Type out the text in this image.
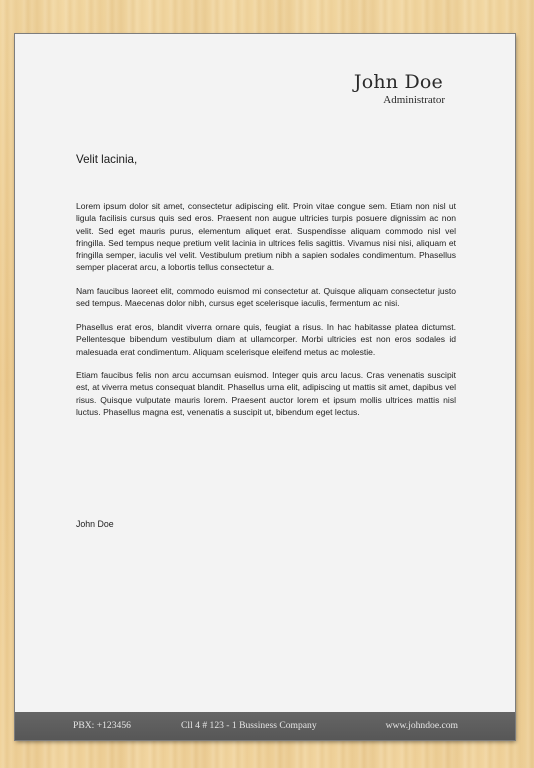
John Doe
Administrator
Velit lacinia,

Lorem ipsum dolor sit amet, consectetur adipiscing elit. Proin vitae congue sem. Etiam non nisl ut ligula facilisis cursus quis sed eros. Praesent non augue ultricies turpis posuere dignissim ac non velit. Sed eget mauris purus, elementum aliquet erat. Suspendisse aliquam commodo nisl vel fringilla. Sed tempus neque pretium velit lacinia in ultrices felis sagittis. Vivamus nisi nisi, aliquam et fringilla semper, iaculis vel velit. Vestibulum pretium nibh a sapien sodales condimentum. Phasellus semper placerat arcu, a lobortis tellus consectetur a.

Nam faucibus laoreet elit, commodo euismod mi consectetur at. Quisque aliquam consectetur justo sed tempus. Maecenas dolor nibh, cursus eget scelerisque iaculis, fermentum ac nisi.

Phasellus erat eros, blandit viverra ornare quis, feugiat a risus. In hac habitasse platea dictumst. Pellentesque bibendum vestibulum diam at ullamcorper. Morbi ultricies est non eros sodales id malesuada erat condimentum. Aliquam scelerisque eleifend metus ac molestie.

Etiam faucibus felis non arcu accumsan euismod. Integer quis arcu lacus. Cras venenatis suscipit est, at viverra metus consequat blandit. Phasellus urna elit, adipiscing ut mattis sit amet, dapibus vel risus. Quisque vulputate mauris lorem. Praesent auctor lorem et ipsum mollis ultrices mattis nisl luctus. Phasellus magna est, venenatis a suscipit ut, bibendum eget lectus.

John Doe
PBX: +123456	Cll 4 # 123 - 1 Bussiness Company	www.johndoe.com
